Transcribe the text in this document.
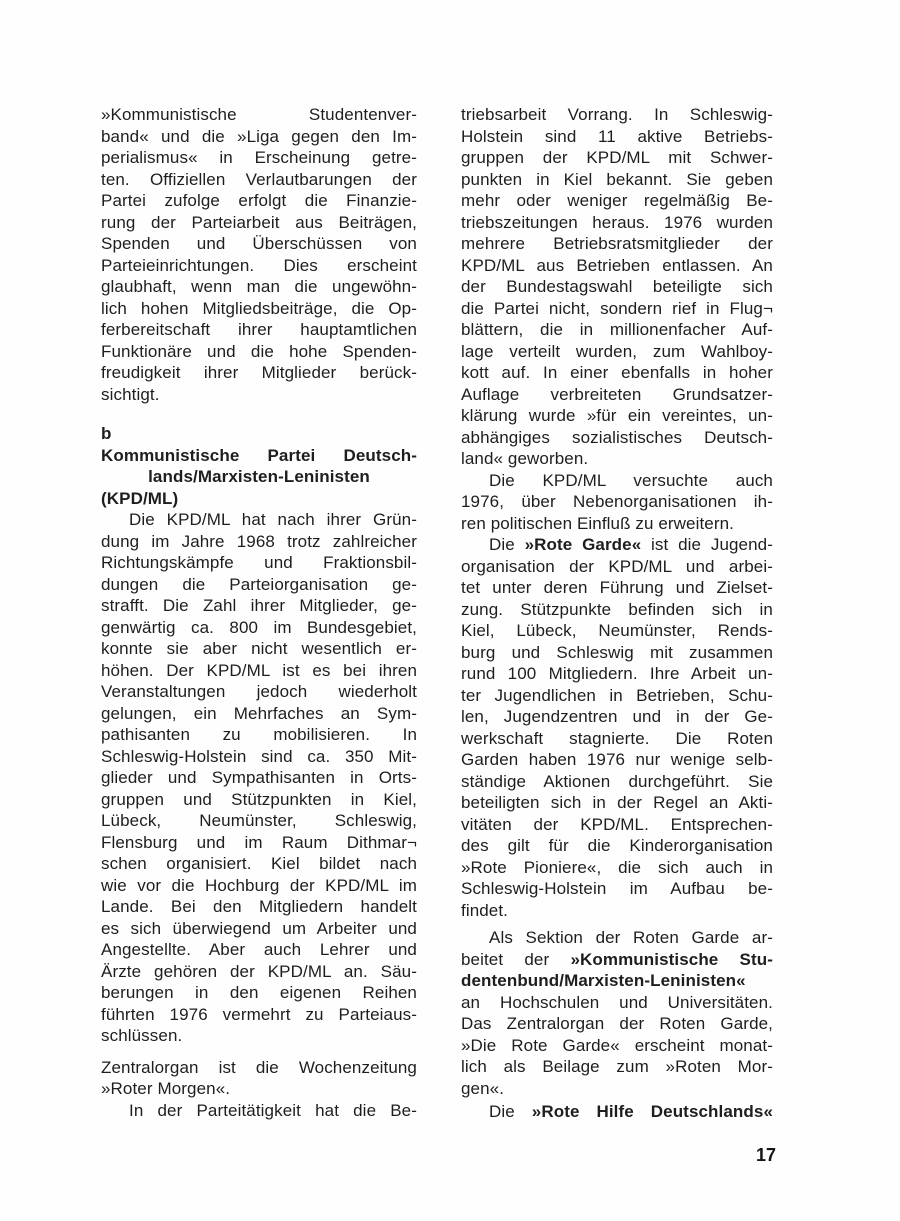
»Kommunistische Studentenver-
band« und die »Liga gegen den Im-
perialismus« in Erscheinung getre-
ten. Offiziellen Verlautbarungen der
Partei zufolge erfolgt die Finanzie-
rung der Parteiarbeit aus Beiträgen,
Spenden und Überschüssen von
Parteieinrichtungen. Dies erscheint
glaubhaft, wenn man die ungewöhn-
lich hohen Mitgliedsbeiträge, die Op-
ferbereitschaft ihrer hauptamtlichen
Funktionäre und die hohe Spenden-
freudigkeit ihrer Mitglieder berück-
sichtigt.
b
Kommunistische Partei Deutsch-
lands/Marxisten-Leninisten
(KPD/ML)
Die KPD/ML hat nach ihrer Grün-
dung im Jahre 1968 trotz zahlreicher
Richtungskämpfe und Fraktionsbil-
dungen die Parteiorganisation ge-
strafft. Die Zahl ihrer Mitglieder, ge-
genwärtig ca. 800 im Bundesgebiet,
konnte sie aber nicht wesentlich er-
höhen. Der KPD/ML ist es bei ihren
Veranstaltungen jedoch wiederholt
gelungen, ein Mehrfaches an Sym-
pathisanten zu mobilisieren. In
Schleswig-Holstein sind ca. 350 Mit-
glieder und Sympathisanten in Orts-
gruppen und Stützpunkten in Kiel,
Lübeck, Neumünster, Schleswig,
Flensburg und im Raum Dithmar¬
schen organisiert. Kiel bildet nach
wie vor die Hochburg der KPD/ML im
Lande. Bei den Mitgliedern handelt
es sich überwiegend um Arbeiter und
Angestellte. Aber auch Lehrer und
Ärzte gehören der KPD/ML an. Säu-
berungen in den eigenen Reihen
führten 1976 vermehrt zu Parteiaus-
schlüssen.
Zentralorgan ist die Wochenzeitung
»Roter Morgen«.
In der Parteitätigkeit hat die Be-
triebsarbeit Vorrang. In Schleswig-
Holstein sind 11 aktive Betriebs-
gruppen der KPD/ML mit Schwer-
punkten in Kiel bekannt. Sie geben
mehr oder weniger regelmäßig Be-
triebszeitungen heraus. 1976 wurden
mehrere Betriebsratsmitglieder der
KPD/ML aus Betrieben entlassen. An
der Bundestagswahl beteiligte sich
die Partei nicht, sondern rief in Flug¬
blättern, die in millionenfacher Auf-
lage verteilt wurden, zum Wahlboy-
kott auf. In einer ebenfalls in hoher
Auflage verbreiteten Grundsatzer-
klärung wurde »für ein vereintes, un-
abhängiges sozialistisches Deutsch-
land« geworben.
Die KPD/ML versuchte auch
1976, über Nebenorganisationen ih-
ren politischen Einfluß zu erweitern.
Die »Rote Garde« ist die Jugend-
organisation der KPD/ML und arbei-
tet unter deren Führung und Zielset-
zung. Stützpunkte befinden sich in
Kiel, Lübeck, Neumünster, Rends-
burg und Schleswig mit zusammen
rund 100 Mitgliedern. Ihre Arbeit un-
ter Jugendlichen in Betrieben, Schu-
len, Jugendzentren und in der Ge-
werkschaft stagnierte. Die Roten
Garden haben 1976 nur wenige selb-
ständige Aktionen durchgeführt. Sie
beteiligten sich in der Regel an Akti-
vitäten der KPD/ML. Entsprechen-
des gilt für die Kinderorganisation
»Rote Pioniere«, die sich auch in
Schleswig-Holstein im Aufbau be-
findet.
Als Sektion der Roten Garde ar-
beitet der »Kommunistische Stu-
dentenbund/Marxisten-Leninisten«
an Hochschulen und Universitäten.
Das Zentralorgan der Roten Garde,
»Die Rote Garde« erscheint monat-
lich als Beilage zum »Roten Mor-
gen«.
Die »Rote Hilfe Deutschlands«
17
